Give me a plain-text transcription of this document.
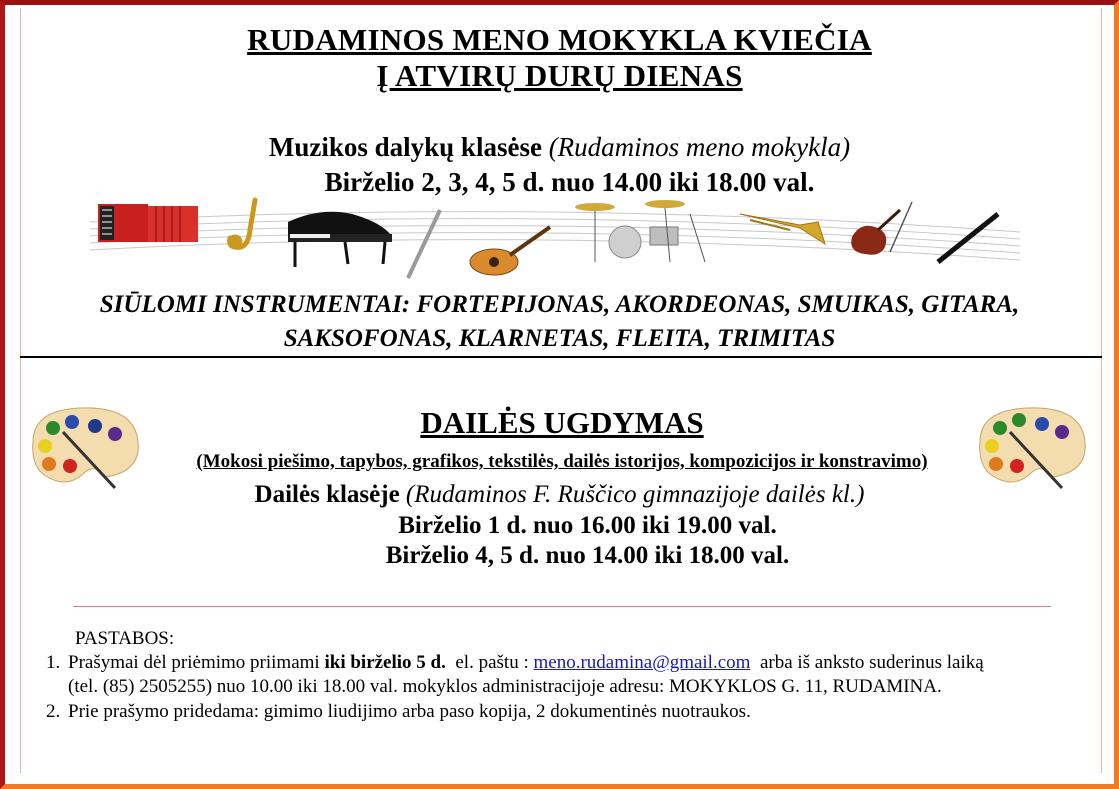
RUDAMINOS MENO MOKYKLA KVIEČIA
Į ATVIRŲ DURŲ DIENAS
Muzikos dalykų klasėse (Rudaminos meno mokykla)
Birželio 2, 3, 4, 5 d. nuo 14.00 iki 18.00 val.
SIŪLOMI INSTRUMENTAI: FORTEPIJONAS, AKORDEONAS, SMUIKAS, GITARA,
SAKSOFONAS, KLARNETAS, FLEITA, TRIMITAS
DAILĖS UGDYMAS
(Mokosi piešimo, tapybos, grafikos, tekstilės, dailės istorijos, kompozicijos ir konstravimo)
Dailės klasėje (Rudaminos F. Ruščico gimnazijoje dailės kl.)
Birželio 1 d. nuo 16.00 iki 19.00 val.
Birželio 4, 5 d. nuo 14.00 iki 18.00 val.
PASTABOS:
1. Prašymai dėl priėmimo priimami iki birželio 5 d.  el. paštu : meno.rudamina@gmail.com  arba iš anksto suderinus laiką
(tel. (85) 2505255) nuo 10.00 iki 18.00 val. mokyklos administracijoje adresu: MOKYKLOS G. 11, RUDAMINA.
2. Prie prašymo pridedama: gimimo liudijimo arba paso kopija, 2 dokumentinės nuotraukos.
